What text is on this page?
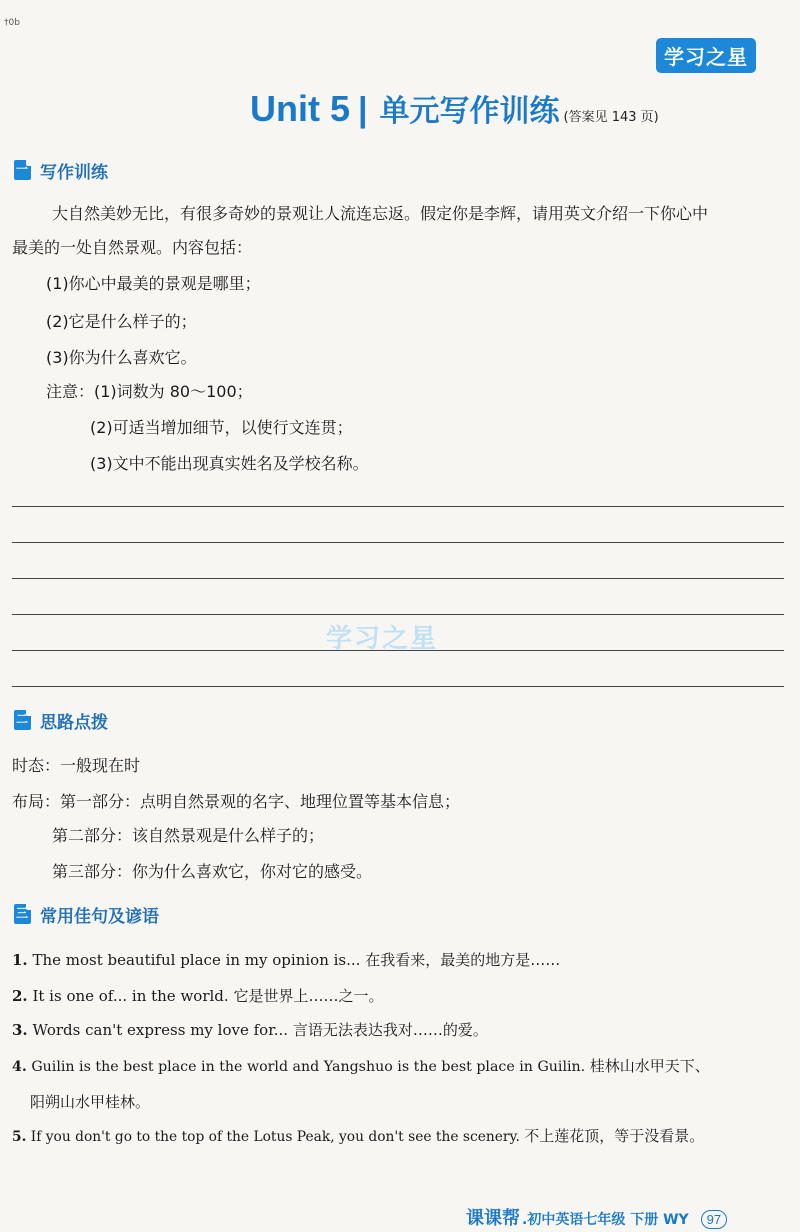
†0b
学习之星
Unit 5 | 单元写作训练 (答案见 143 页)
一 写作训练
大自然美妙无比，有很多奇妙的景观让人流连忘返。假定你是李辉，请用英文介绍一下你心中
最美的一处自然景观。内容包括：
(1)你心中最美的景观是哪里；
(2)它是什么样子的；
(3)你为什么喜欢它。
注意：(1)词数为 80～100；
(2)可适当增加细节，以使行文连贯；
(3)文中不能出现真实姓名及学校名称。
学习之星
二 思路点拨
时态：一般现在时
布局：第一部分：点明自然景观的名字、地理位置等基本信息；
第二部分：该自然景观是什么样子的；
第三部分：你为什么喜欢它，你对它的感受。
三 常用佳句及谚语
1. The most beautiful place in my opinion is... 在我看来，最美的地方是……
2. It is one of... in the world. 它是世界上……之一。
3. Words can't express my love for... 言语无法表达我对……的爱。
4. Guilin is the best place in the world and Yangshuo is the best place in Guilin. 桂林山水甲天下、
阳朔山水甲桂林。
5. If you don't go to the top of the Lotus Peak, you don't see the scenery. 不上莲花顶，等于没看景。
课课帮 .初中英语七年级 下册 WY 97
